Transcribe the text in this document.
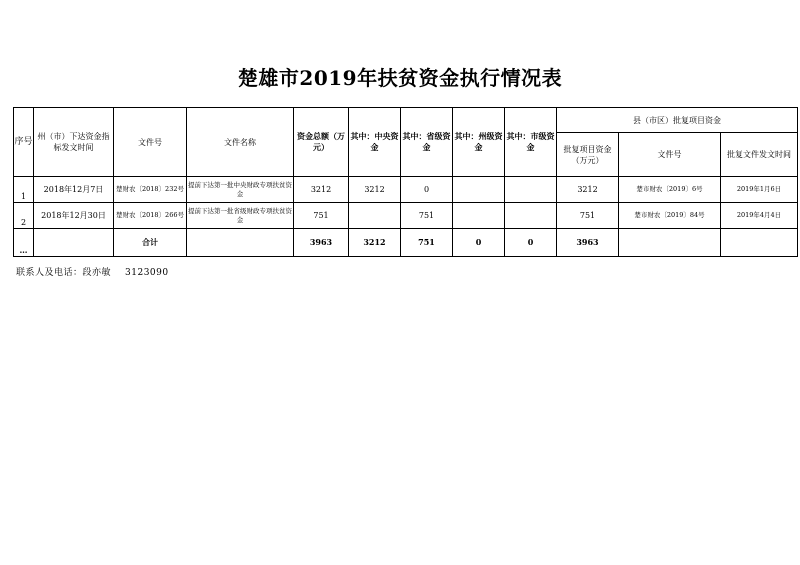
楚雄市2019年扶贫资金执行情况表
序号	州（市）下达资金指标发文时间	文件号	文件名称	资金总额（万元）	其中：中央资金	其中：省级资金	其中：州级资金	其中：市级资金	县（市区）批复项目资金		
									批复项目资金（万元）	文件号	批复文件发文时间
1	2018年12月7日	楚财农〔2018〕232号	提前下达第一批中央财政专项扶贫资金	3212	3212	0			3212	楚市财农〔2019〕6号	2019年1月6日
2	2018年12月30日	楚财农〔2018〕266号	提前下达第一批省级财政专项扶贫资金	751		751			751	楚市财农〔2019〕84号	2019年4月4日
…		合计		3963	3212	751	0	0	3963		
联系人及电话：段亦敏 3123090
